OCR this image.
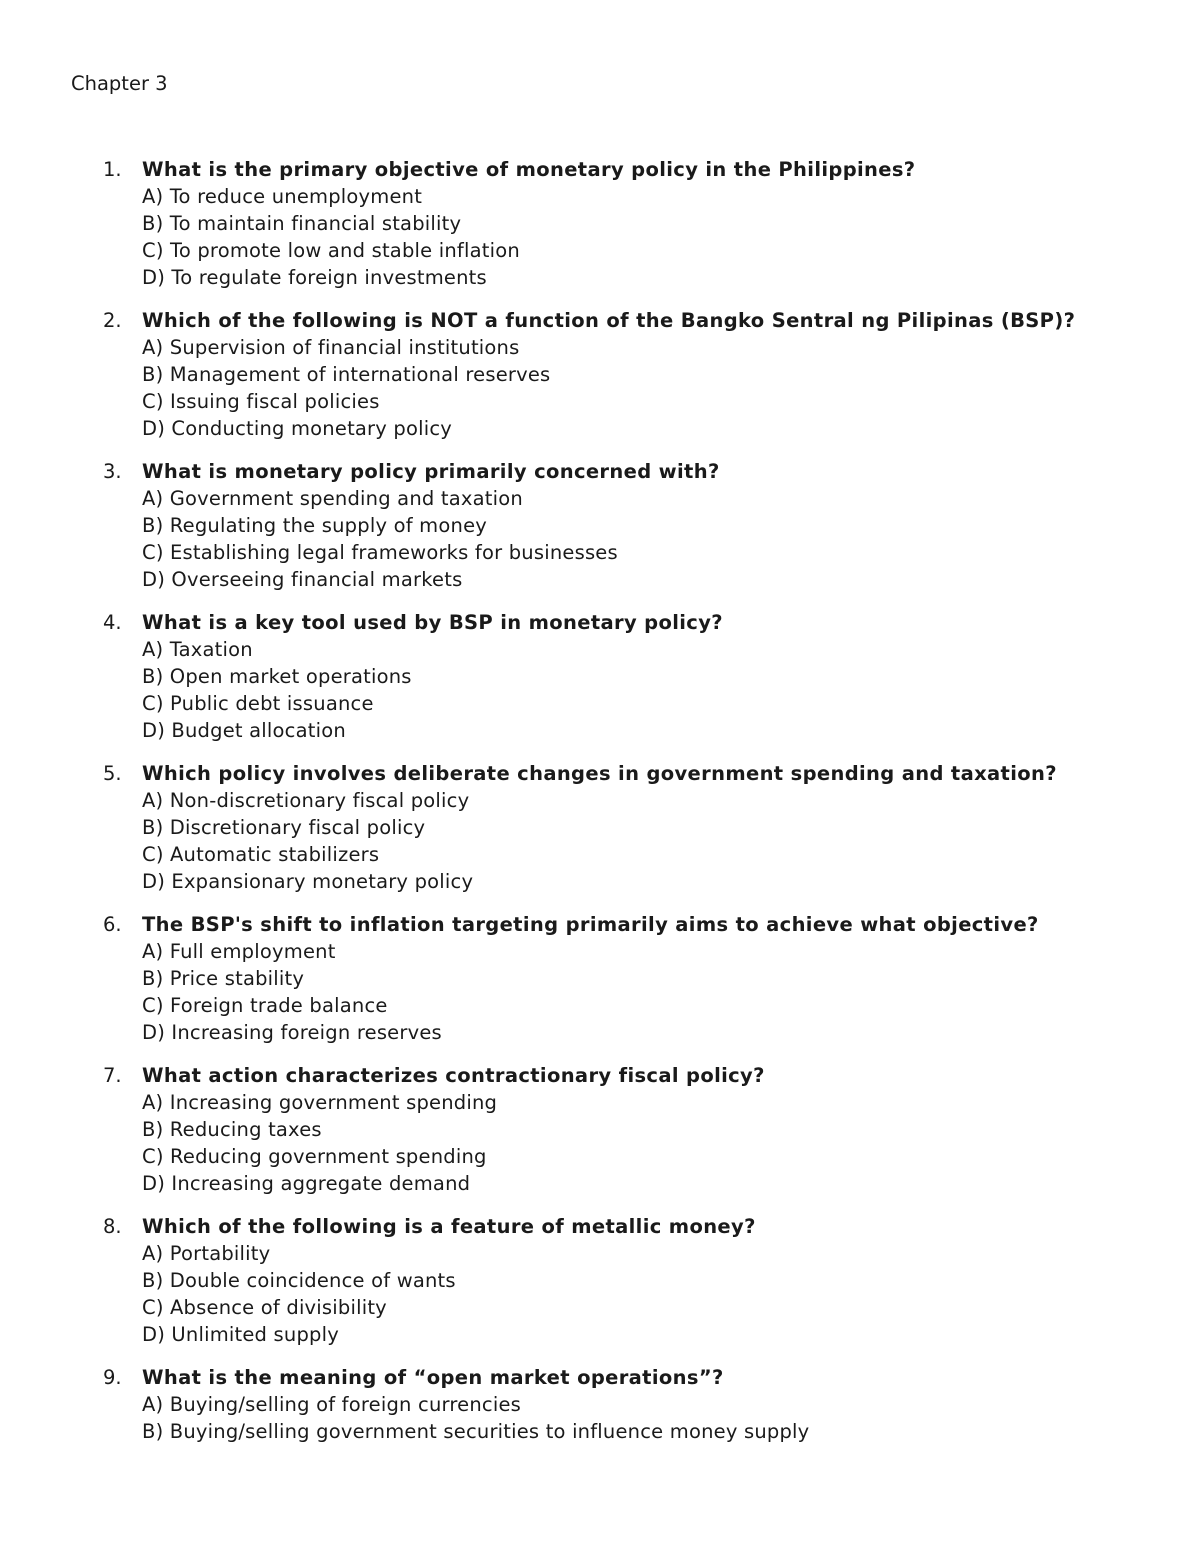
Chapter 3
1.	What is the primary objective of monetary policy in the Philippines?

A) To reduce unemployment
B) To maintain financial stability
C) To promote low and stable inflation
D) To regulate foreign investments
2.	Which of the following is NOT a function of the Bangko Sentral ng Pilipinas (BSP)?

A) Supervision of financial institutions
B) Management of international reserves
C) Issuing fiscal policies
D) Conducting monetary policy
3.	What is monetary policy primarily concerned with?

A) Government spending and taxation
B) Regulating the supply of money
C) Establishing legal frameworks for businesses
D) Overseeing financial markets
4.	What is a key tool used by BSP in monetary policy?

A) Taxation
B) Open market operations
C) Public debt issuance
D) Budget allocation
5.	Which policy involves deliberate changes in government spending and taxation?

A) Non-discretionary fiscal policy
B) Discretionary fiscal policy
C) Automatic stabilizers
D) Expansionary monetary policy
6.	The BSP's shift to inflation targeting primarily aims to achieve what objective?

A) Full employment
B) Price stability
C) Foreign trade balance
D) Increasing foreign reserves
7.	What action characterizes contractionary fiscal policy?

A) Increasing government spending
B) Reducing taxes
C) Reducing government spending
D) Increasing aggregate demand
8.	Which of the following is a feature of metallic money?

A) Portability
B) Double coincidence of wants
C) Absence of divisibility
D) Unlimited supply
9.	What is the meaning of “open market operations”?

A) Buying/selling of foreign currencies
B) Buying/selling government securities to influence money supply
